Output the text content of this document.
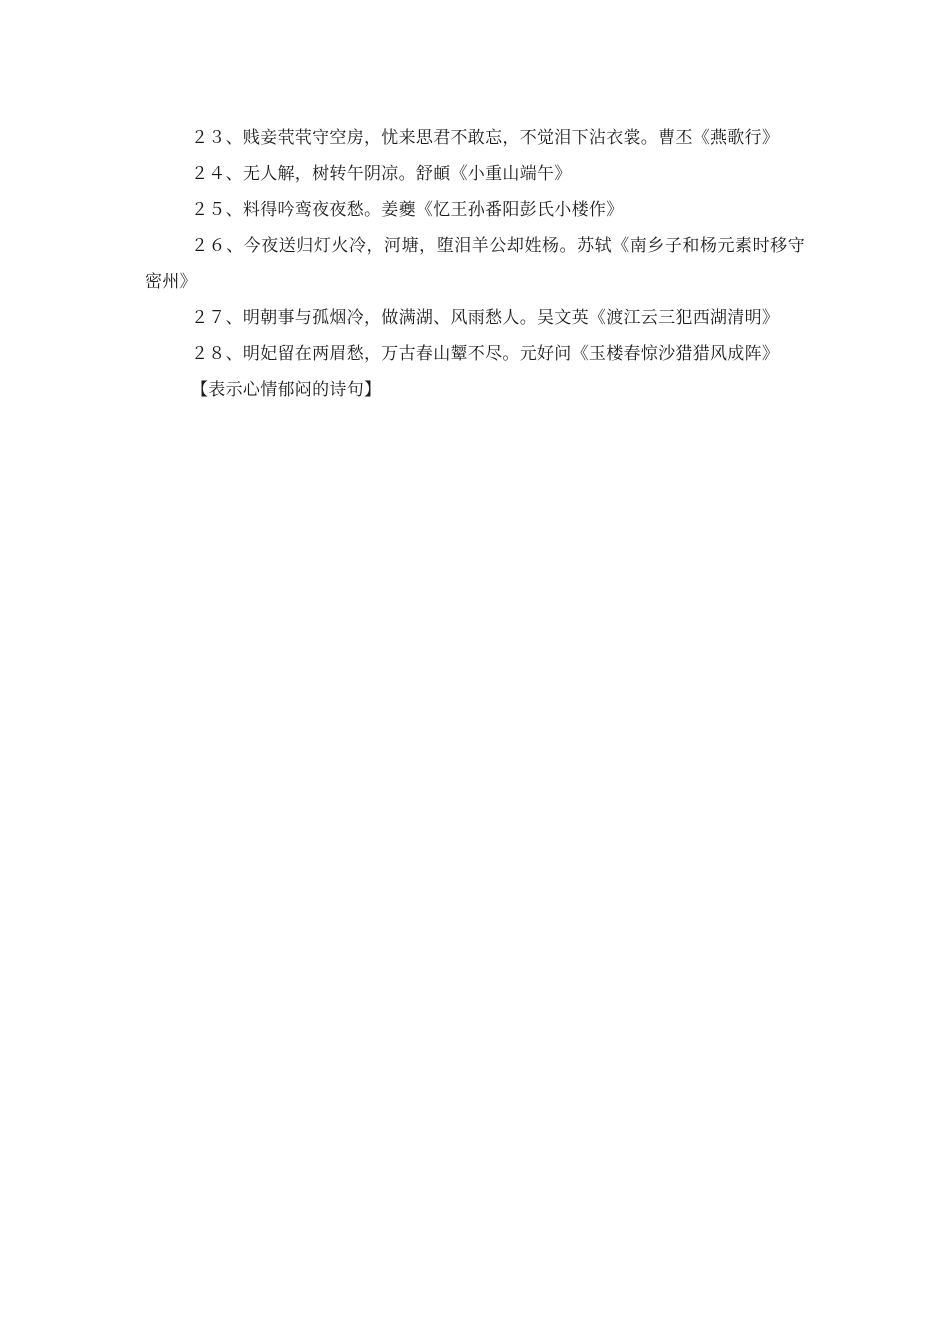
２３、贱妾茕茕守空房，忧来思君不敢忘，不觉泪下沾衣裳。曹丕《燕歌行》

２４、无人解，树转午阴凉。舒頔《小重山端午》

２５、料得吟鸾夜夜愁。姜夔《忆王孙番阳彭氏小楼作》

２６、今夜送归灯火冷，河塘，堕泪羊公却姓杨。苏轼《南乡子和杨元素时移守密州》

２７、明朝事与孤烟冷，做满湖、风雨愁人。吴文英《渡江云三犯西湖清明》

２８、明妃留在两眉愁，万古春山颦不尽。元好问《玉楼春惊沙猎猎风成阵》

【表示心情郁闷的诗句】
